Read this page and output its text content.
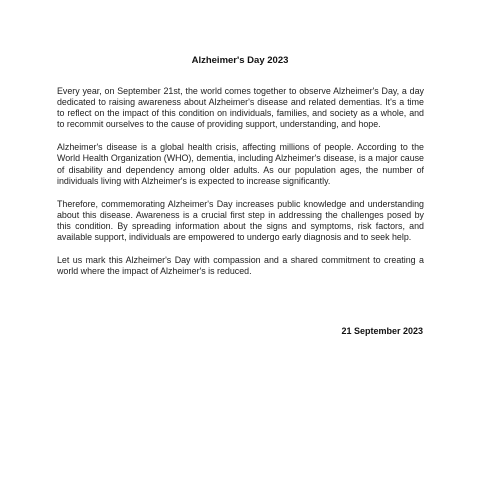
Alzheimer's Day 2023

Every year, on September 21st, the world comes together to observe Alzheimer's Day, a day dedicated to raising awareness about Alzheimer's disease and related dementias. It's a time to reflect on the impact of this condition on individuals, families, and society as a whole, and to recommit ourselves to the cause of providing support, understanding, and hope.

Alzheimer's disease is a global health crisis, affecting millions of people. According to the World Health Organization (WHO), dementia, including Alzheimer's disease, is a major cause of disability and dependency among older adults. As our population ages, the number of individuals living with Alzheimer's is expected to increase significantly.

Therefore, commemorating Alzheimer's Day increases public knowledge and understanding about this disease. Awareness is a crucial first step in addressing the challenges posed by this condition. By spreading information about the signs and symptoms, risk factors, and available support, individuals are empowered to undergo early diagnosis and to seek help.

Let us mark this Alzheimer's Day with compassion and a shared commitment to creating a world where the impact of Alzheimer's is reduced.

21 September 2023
